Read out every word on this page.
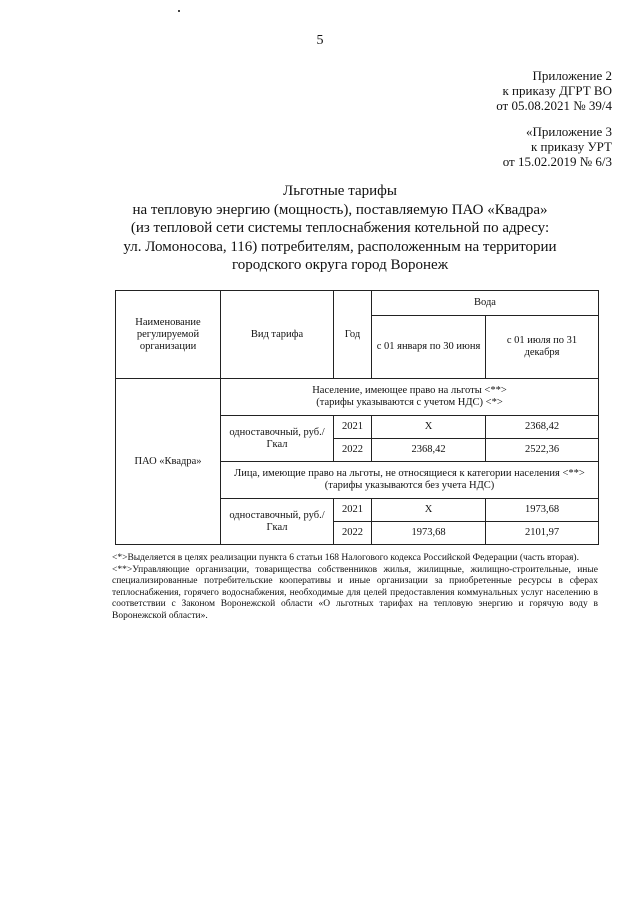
5
Приложение 2
к приказу ДГРТ ВО
от 05.08.2021 № 39/4
«Приложение 3
к приказу УРТ
от 15.02.2019 № 6/3
Льготные тарифы
на тепловую энергию (мощность), поставляемую ПАО «Квадра»
(из тепловой сети системы теплоснабжения котельной по адресу:
ул. Ломоносова, 116) потребителям, расположенным на территории
городского округа город Воронеж
Наименование регулируемой организации	Вид тарифа	Год	Вода	
			с 01 января по 30 июня	с 01 июля по 31 декабря
ПАО «Квадра»	Население, имеющее право на льготы <**>
(тарифы указываются с учетом НДС) <*>			

	одноставочный, руб./Гкал	2021	X	2368,42
		2022	2368,42	2522,36

	Лица, имеющие право на льготы, не относящиеся к категории населения <**>
(тарифы указываются без учета НДС)			

	одноставочный, руб./Гкал	2021	X	1973,68
		2022	1973,68	2101,97

<*>Выделяется в целях реализации пункта 6 статьи 168 Налогового кодекса Российской Федерации (часть вторая).

<**>Управляющие организации, товарищества собственников жилья, жилищные, жилищно-строительные, иные специализированные потребительские кооперативы и иные организации за приобретенные ресурсы в сферах теплоснабжения, горячего водоснабжения, необходимые для целей предоставления коммунальных услуг населению в соответствии с Законом Воронежской области «О льготных тарифах на тепловую энергию и горячую воду в Воронежской области».
